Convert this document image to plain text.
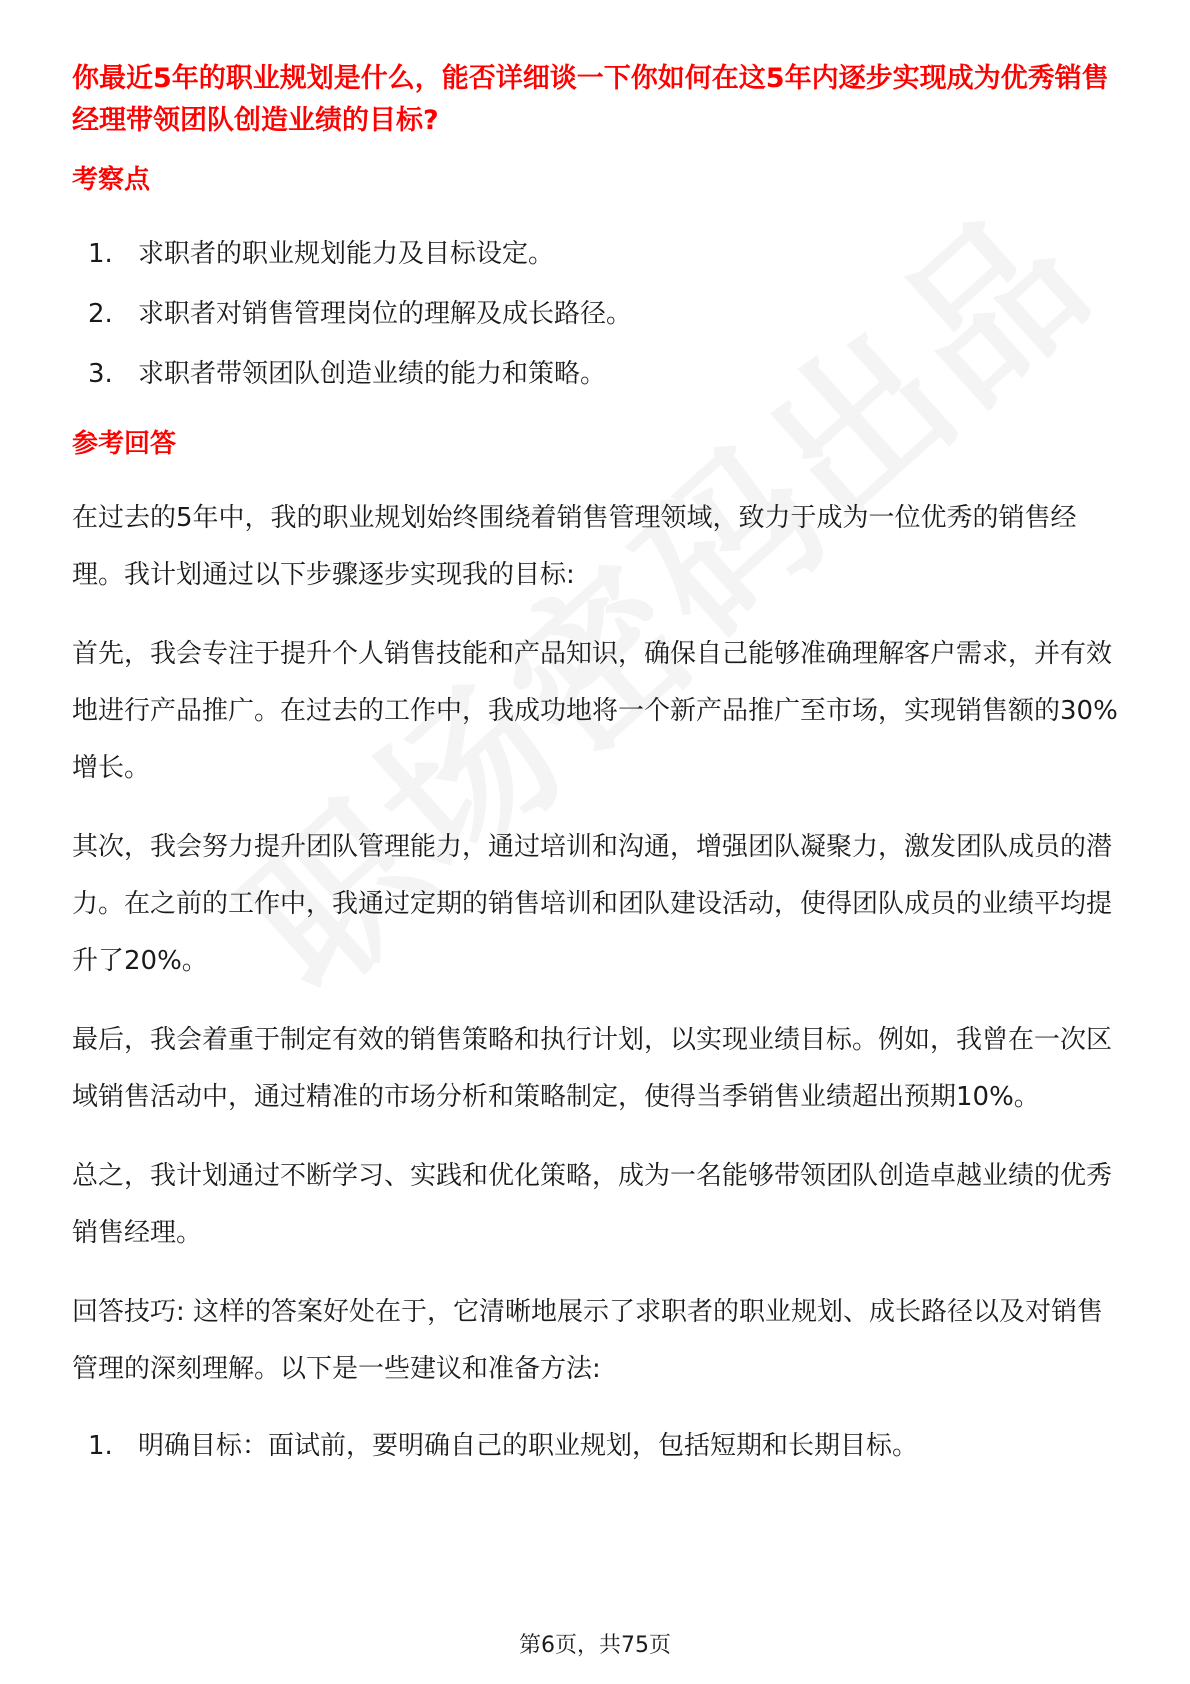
你最近5年的职业规划是什么，能否详细谈一下你如何在这5年内逐步实现成为优秀销售经理带领团队创造业绩的目标?
考察点
1. 求职者的职业规划能力及目标设定。
2. 求职者对销售管理岗位的理解及成长路径。
3. 求职者带领团队创造业绩的能力和策略。
参考回答

在过去的5年中，我的职业规划始终围绕着销售管理领域，致力于成为一位优秀的销售经理。我计划通过以下步骤逐步实现我的目标:

首先，我会专注于提升个人销售技能和产品知识，确保自己能够准确理解客户需求，并有效地进行产品推广。在过去的工作中，我成功地将一个新产品推广至市场，实现销售额的30%增长。

其次，我会努力提升团队管理能力，通过培训和沟通，增强团队凝聚力，激发团队成员的潜力。在之前的工作中，我通过定期的销售培训和团队建设活动，使得团队成员的业绩平均提升了20%。

最后，我会着重于制定有效的销售策略和执行计划，以实现业绩目标。例如，我曾在一次区域销售活动中，通过精准的市场分析和策略制定，使得当季销售业绩超出预期10%。

总之，我计划通过不断学习、实践和优化策略，成为一名能够带领团队创造卓越业绩的优秀销售经理。

回答技巧: 这样的答案好处在于，它清晰地展示了求职者的职业规划、成长路径以及对销售管理的深刻理解。以下是一些建议和准备方法:

1. 明确目标：面试前，要明确自己的职业规划，包括短期和长期目标。
第6页，共75页
